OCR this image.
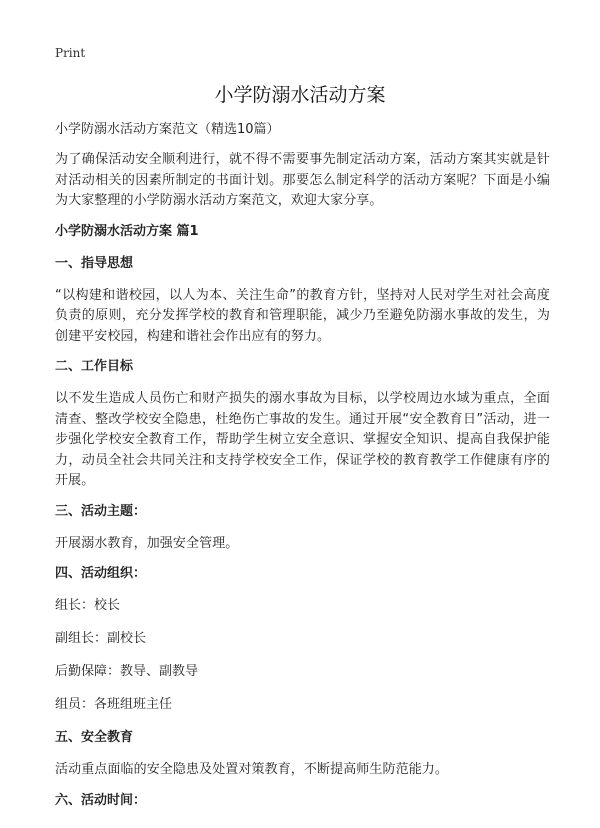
Print
小学防溺水活动方案

小学防溺水活动方案范文（精选10篇）

为了确保活动安全顺利进行，就不得不需要事先制定活动方案，活动方案其实就是针对活动相关的因素所制定的书面计划。那要怎么制定科学的活动方案呢？下面是小编为大家整理的小学防溺水活动方案范文，欢迎大家分享。

小学防溺水活动方案 篇1
一、指导思想

“以构建和谐校园，以人为本、关注生命”的教育方针，坚持对人民对学生对社会高度负责的原则，充分发挥学校的教育和管理职能，减少乃至避免防溺水事故的发生，为创建平安校园，构建和谐社会作出应有的努力。

二、工作目标

以不发生造成人员伤亡和财产损失的溺水事故为目标，以学校周边水域为重点，全面清查、整改学校安全隐患，杜绝伤亡事故的发生。通过开展“安全教育日”活动，进一步强化学校安全教育工作，帮助学生树立安全意识、掌握安全知识、提高自我保护能力，动员全社会共同关注和支持学校安全工作，保证学校的教育教学工作健康有序的开展。

三、活动主题：

开展溺水教育，加强安全管理。

四、活动组织：
组长：校长
副组长：副校长
后勤保障：教导、副教导
组员：各班组班主任
五、安全教育

活动重点面临的安全隐患及处置对策教育，不断提高师生防范能力。

六、活动时间：
